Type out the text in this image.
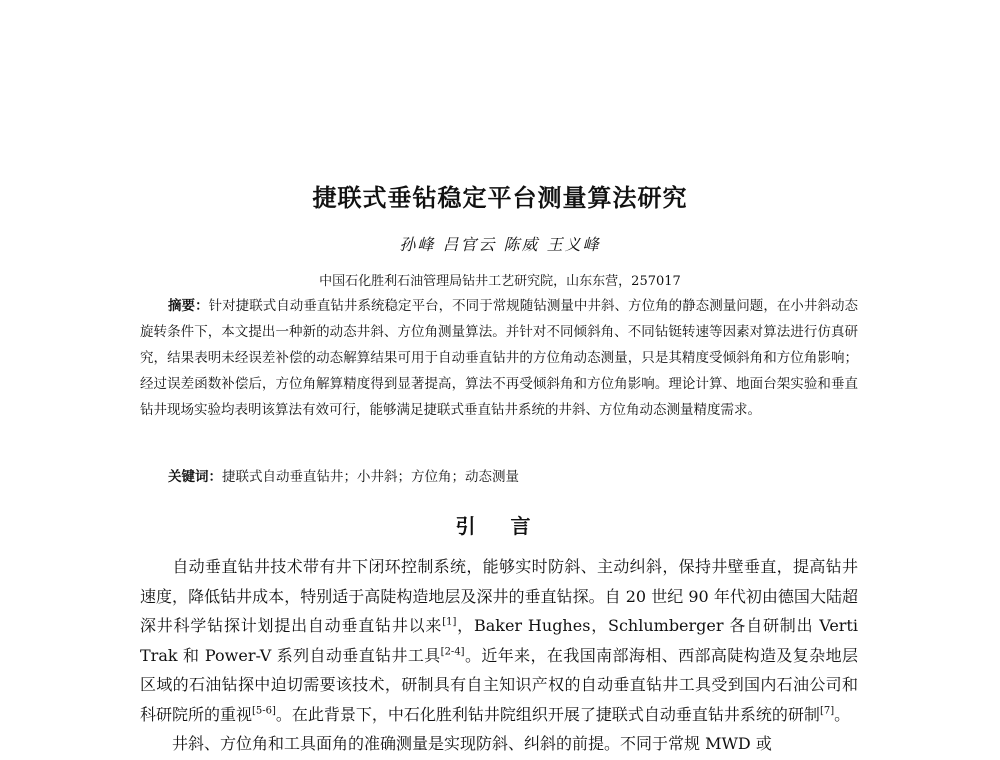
捷联式垂钻稳定平台测量算法研究
孙峰 吕官云 陈威 王义峰
中国石化胜利石油管理局钻井工艺研究院，山东东营，257017
摘要：针对捷联式自动垂直钻井系统稳定平台，不同于常规随钻测量中井斜、方位角的静态测量问题，在小井斜动态旋转条件下，本文提出一种新的动态井斜、方位角测量算法。并针对不同倾斜角、不同钻铤转速等因素对算法进行仿真研究，结果表明未经误差补偿的动态解算结果可用于自动垂直钻井的方位角动态测量，只是其精度受倾斜角和方位角影响；经过误差函数补偿后，方位角解算精度得到显著提高，算法不再受倾斜角和方位角影响。理论计算、地面台架实验和垂直钻井现场实验均表明该算法有效可行，能够满足捷联式垂直钻井系统的井斜、方位角动态测量精度需求。
关键词：捷联式自动垂直钻井；小井斜；方位角；动态测量
引 言

自动垂直钻井技术带有井下闭环控制系统，能够实时防斜、主动纠斜，保持井壁垂直，提高钻井速度，降低钻井成本，特别适于高陡构造地层及深井的垂直钻探。自 20 世纪 90 年代初由德国大陆超深井科学钻探计划提出自动垂直钻井以来[1]，Baker Hughes，Schlumberger 各自研制出 Verti Trak 和 Power-V 系列自动垂直钻井工具[2-4]。近年来，在我国南部海相、西部高陡构造及复杂地层区域的石油钻探中迫切需要该技术，研制具有自主知识产权的自动垂直钻井工具受到国内石油公司和科研院所的重视[5-6]。在此背景下，中石化胜利钻井院组织开展了捷联式自动垂直钻井系统的研制[7]。

井斜、方位角和工具面角的准确测量是实现防斜、纠斜的前提。不同于常规 MWD 或
